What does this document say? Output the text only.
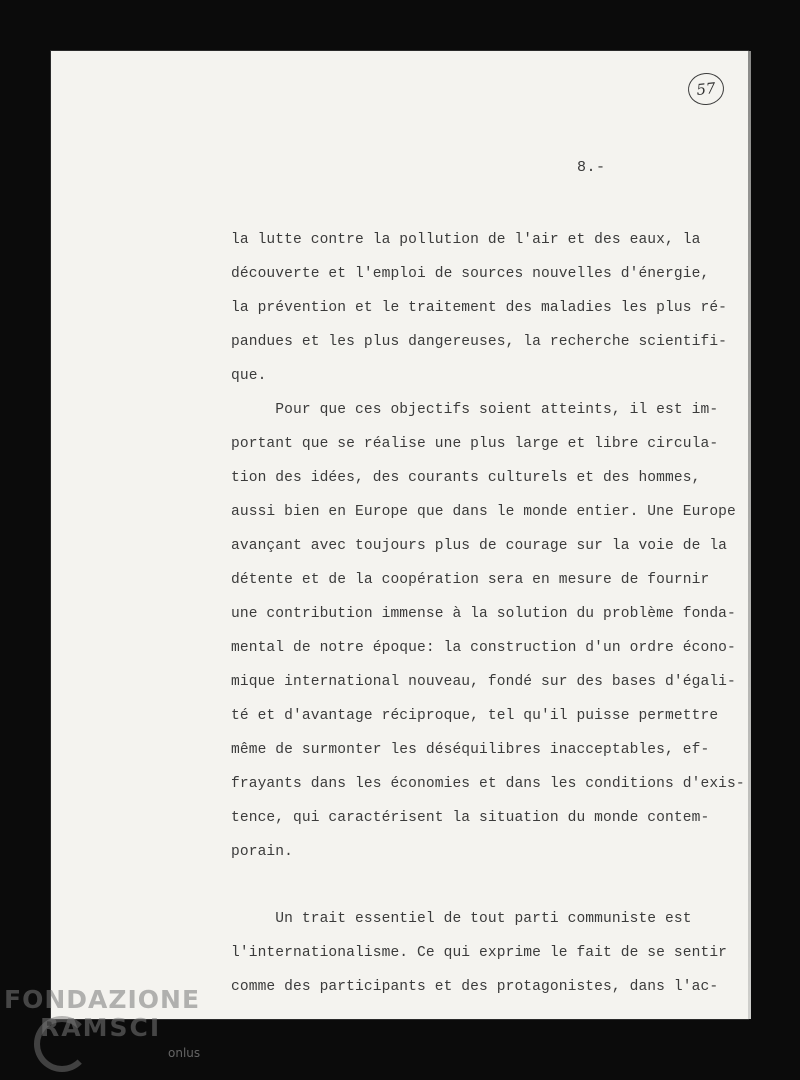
57
8.-
la lutte contre la pollution de l'air et des eaux, la
découverte et l'emploi de sources nouvelles d'énergie,
la prévention et le traitement des maladies les plus ré-
pandues et les plus dangereuses, la recherche scientifi-
que.
Pour que ces objectifs soient atteints, il est im-
portant que se réalise une plus large et libre circula-
tion des idées, des courants culturels et des hommes,
aussi bien en Europe que dans le monde entier. Une Europe
avançant avec toujours plus de courage sur la voie de la
détente et de la coopération sera en mesure de fournir
une contribution immense à la solution du problème fonda-
mental de notre époque: la construction d'un ordre écono-
mique international nouveau, fondé sur des bases d'égali-
té et d'avantage réciproque, tel qu'il puisse permettre
même de surmonter les déséquilibres inacceptables, ef-
frayants dans les économies et dans les conditions d'exis-
tence, qui caractérisent la situation du monde contem-
porain.
Un trait essentiel de tout parti communiste est
l'internationalisme. Ce qui exprime le fait de se sentir
comme des participants et des protagonistes, dans l'ac-
FONDAZIONE
RAMSCI
onlus
